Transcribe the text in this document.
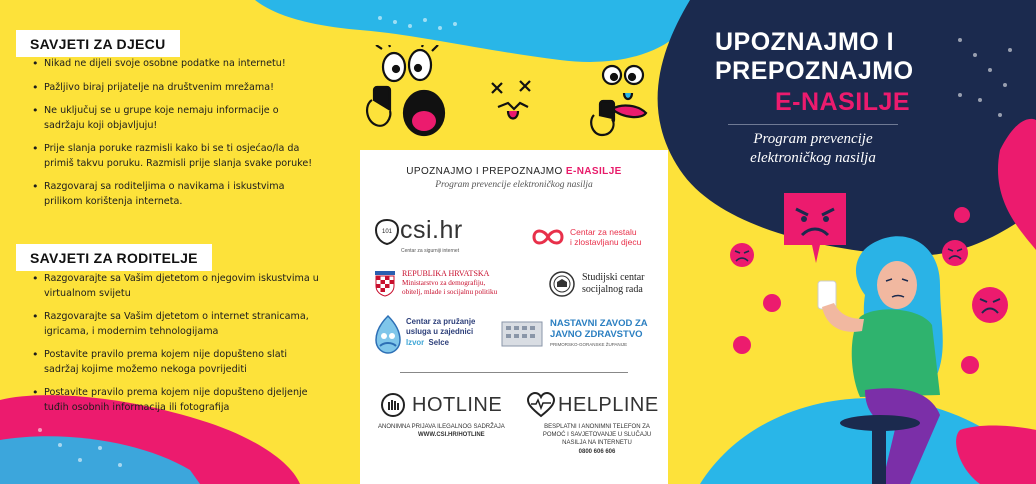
SAVJETI ZA DJECU
• Nikad ne dijeli svoje osobne podatke na internetu!
• Pažljivo biraj prijatelje na društvenim mrežama!
• Ne uključuj se u grupe koje nemaju informacije o sadržaju koji objavljuju!
• Prije slanja poruke razmisli kako bi se ti osjećao/la da primiš takvu poruku. Razmisli prije slanja svake poruke!
• Razgovaraj sa roditeljima o navikama i iskustvima prilikom korištenja interneta.
SAVJETI ZA RODITELJE
• Razgovarajte sa Vašim djetetom o njegovim iskustvima u virtualnom svijetu
• Razgovarajte sa Vašim djetetom o internet stranicama, igricama, i modernim tehnologijama
• Postavite pravilo prema kojem nije dopušteno slati sadržaj kojime možemo nekoga povrijediti
• Postavite pravilo prema kojem nije dopušteno djeljenje tuđih osobnih informacija ili fotografija
UPOZNAJMO I PREPOZNAJMO E-NASILJE
Program prevencije elektroničkog nasilja
101 csi.hr
Centar za sigurniji internet
Centar za nestalu
i zlostavljanu djecu
REPUBLIKA HRVATSKA
Ministarstvo za demografiju,
obitelj, mlade i socijalnu politiku
Studijski centar
socijalnog rada
Centar za pružanje
usluga u zajednici
Izvor Selce
NASTAVNI ZAVOD ZA
JAVNO ZDRAVSTVO
PRIMORSKO-GORANSKE ŽUPANIJE
HOTLINE
ANONIMNA PRIJAVA ILEGALNOG SADRŽAJA
WWW.CSI.HR/HOTLINE
HELPLINE
BESPLATNI I ANONIMNI TELEFON ZA
POMOĆ I SAVJETOVANJE U SLUČAJU
NASILJA NA INTERNETU
0800 606 606
UPOZNAJMO I
PREPOZNAJMO
E-NASILJE
Program prevencije elektroničkog nasilja
